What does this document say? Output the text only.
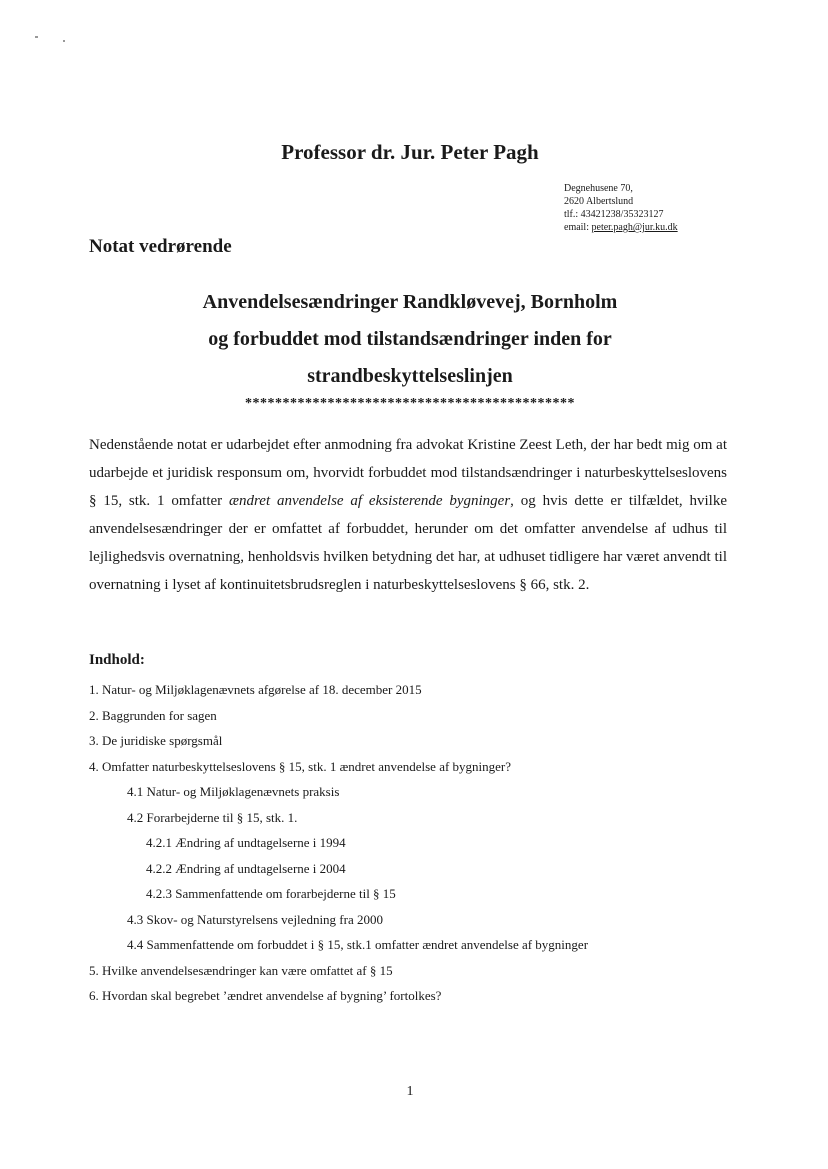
Professor dr. Jur. Peter Pagh
Degnehusene 70,
2620 Albertslund
tlf.: 43421238/35323127
email: peter.pagh@jur.ku.dk
Notat vedrørende
Anvendelsesændringer Randkløvevej, Bornholm
og forbuddet mod tilstandsændringer inden for
strandbeskyttelseslinjen
********************************************
Nedenstående notat er udarbejdet efter anmodning fra advokat Kristine Zeest Leth, der har bedt mig om at udarbejde et juridisk responsum om, hvorvidt forbuddet mod tilstandsændringer i naturbeskyttelseslovens § 15, stk. 1 omfatter ændret anvendelse af eksisterende bygninger, og hvis dette er tilfældet, hvilke anvendelsesændringer der er omfattet af forbuddet, herunder om det omfatter anvendelse af udhus til lejlighedsvis overnatning, henholdsvis hvilken betydning det har, at udhuset tidligere har været anvendt til overnatning i lyset af kontinuitetsbrudsreglen i naturbeskyttelseslovens § 66, stk. 2.
Indhold:
1. Natur- og Miljøklagenævnets afgørelse af 18. december 2015
2. Baggrunden for sagen
3. De juridiske spørgsmål
4. Omfatter naturbeskyttelseslovens § 15, stk. 1 ændret anvendelse af bygninger?
4.1 Natur- og Miljøklagenævnets praksis
4.2 Forarbejderne til § 15, stk. 1.
4.2.1 Ændring af undtagelserne i 1994
4.2.2 Ændring af undtagelserne i 2004
4.2.3 Sammenfattende om forarbejderne til § 15
4.3 Skov- og Naturstyrelsens vejledning fra 2000
4.4 Sammenfattende om forbuddet i § 15, stk.1 omfatter ændret anvendelse af bygninger
5. Hvilke anvendelsesændringer kan være omfattet af § 15
6. Hvordan skal begrebet ’ændret anvendelse af bygning’ fortolkes?
1
